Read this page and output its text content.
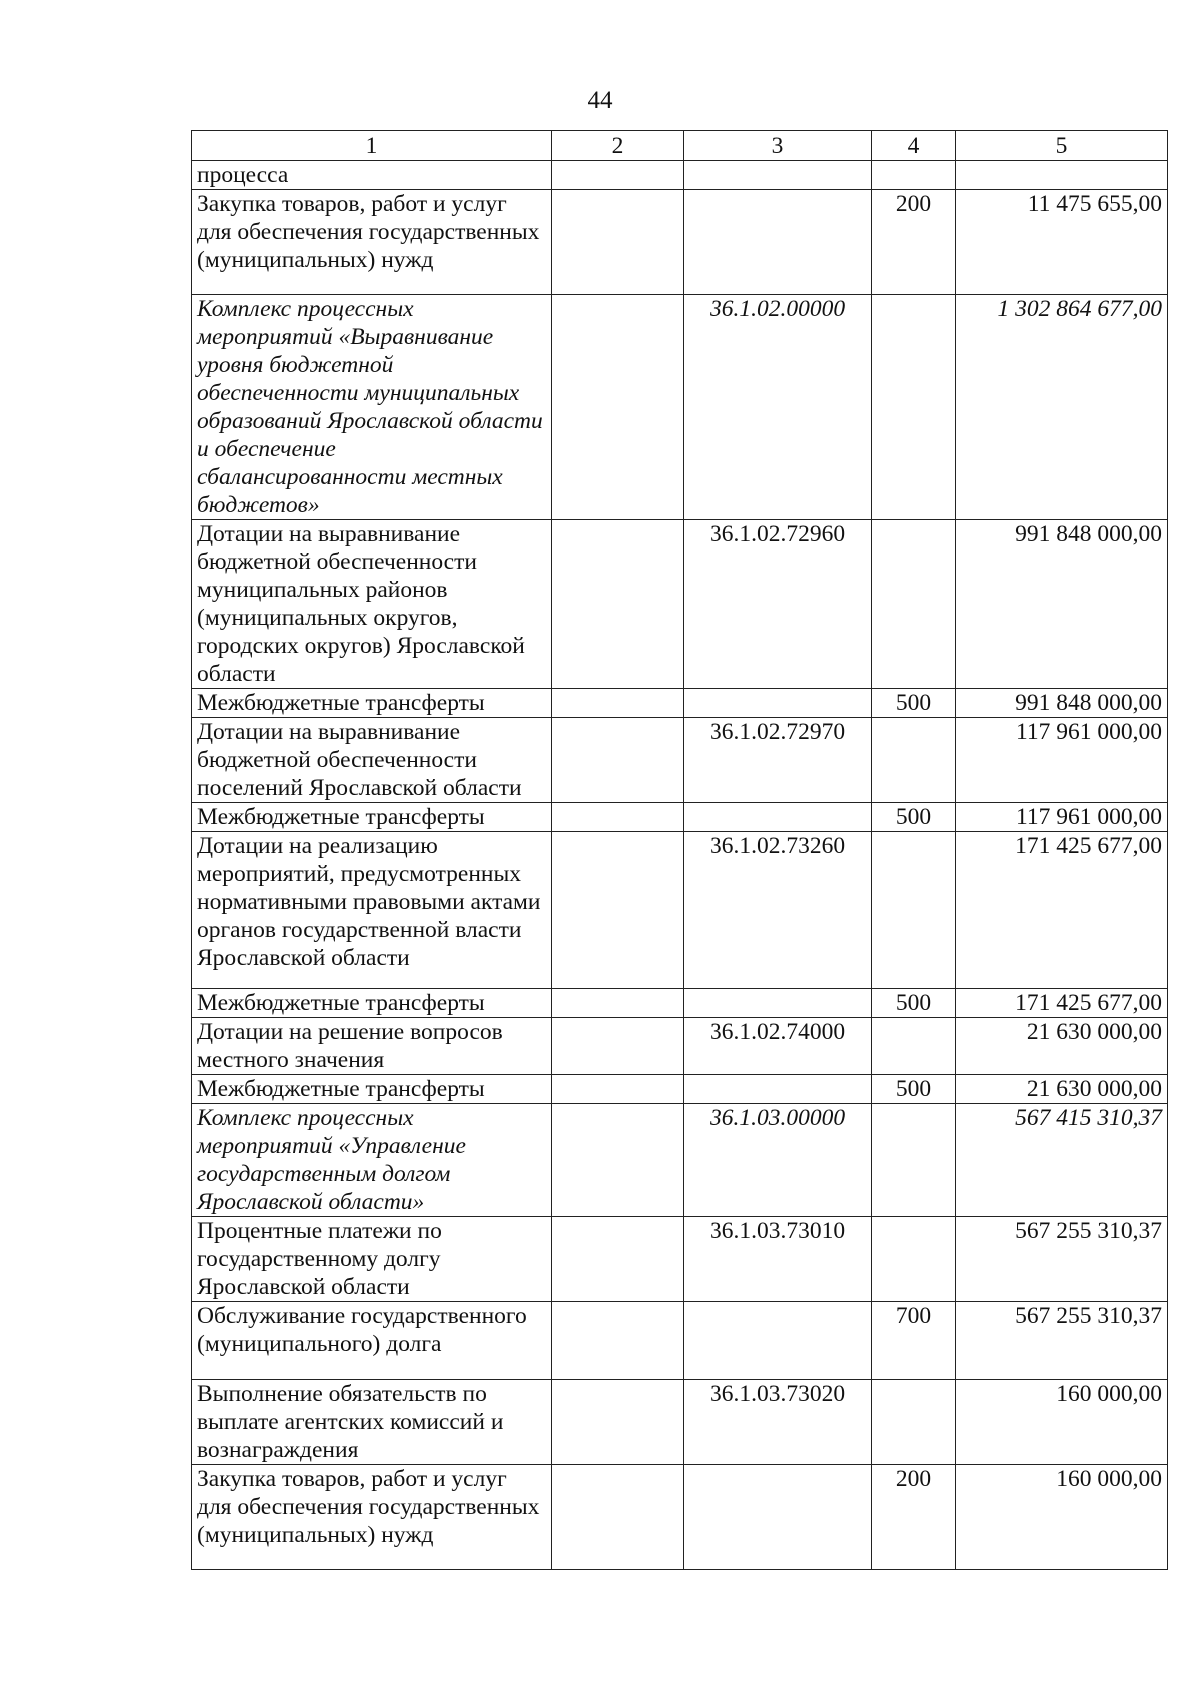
44
1	2	3	4	5
процесса				
Закупка товаров, работ и услуг для обеспечения государственных (муниципальных) нужд			200	11 475 655,00
Комплекс процессных мероприятий «Выравнивание уровня бюджетной обеспеченности муниципальных образований Ярославской области и обеспечение сбалансированности местных бюджетов»		36.1.02.00000		1 302 864 677,00
Дотации на выравнивание бюджетной обеспеченности муниципальных районов (муниципальных округов, городских округов) Ярославской области		36.1.02.72960		991 848 000,00
Межбюджетные трансферты			500	991 848 000,00
Дотации на выравнивание бюджетной обеспеченности поселений Ярославской области		36.1.02.72970		117 961 000,00
Межбюджетные трансферты			500	117 961 000,00
Дотации на реализацию мероприятий, предусмотренных нормативными правовыми актами органов государственной власти Ярославской области		36.1.02.73260		171 425 677,00
Межбюджетные трансферты			500	171 425 677,00
Дотации на решение вопросов местного значения		36.1.02.74000		21 630 000,00
Межбюджетные трансферты			500	21 630 000,00
Комплекс процессных мероприятий «Управление государственным долгом Ярославской области»		36.1.03.00000		567 415 310,37
Процентные платежи по государственному долгу Ярославской области		36.1.03.73010		567 255 310,37
Обслуживание государственного (муниципального) долга			700	567 255 310,37
Выполнение обязательств по выплате агентских комиссий и вознаграждения		36.1.03.73020		160 000,00
Закупка товаров, работ и услуг для обеспечения государственных (муниципальных) нужд			200	160 000,00
